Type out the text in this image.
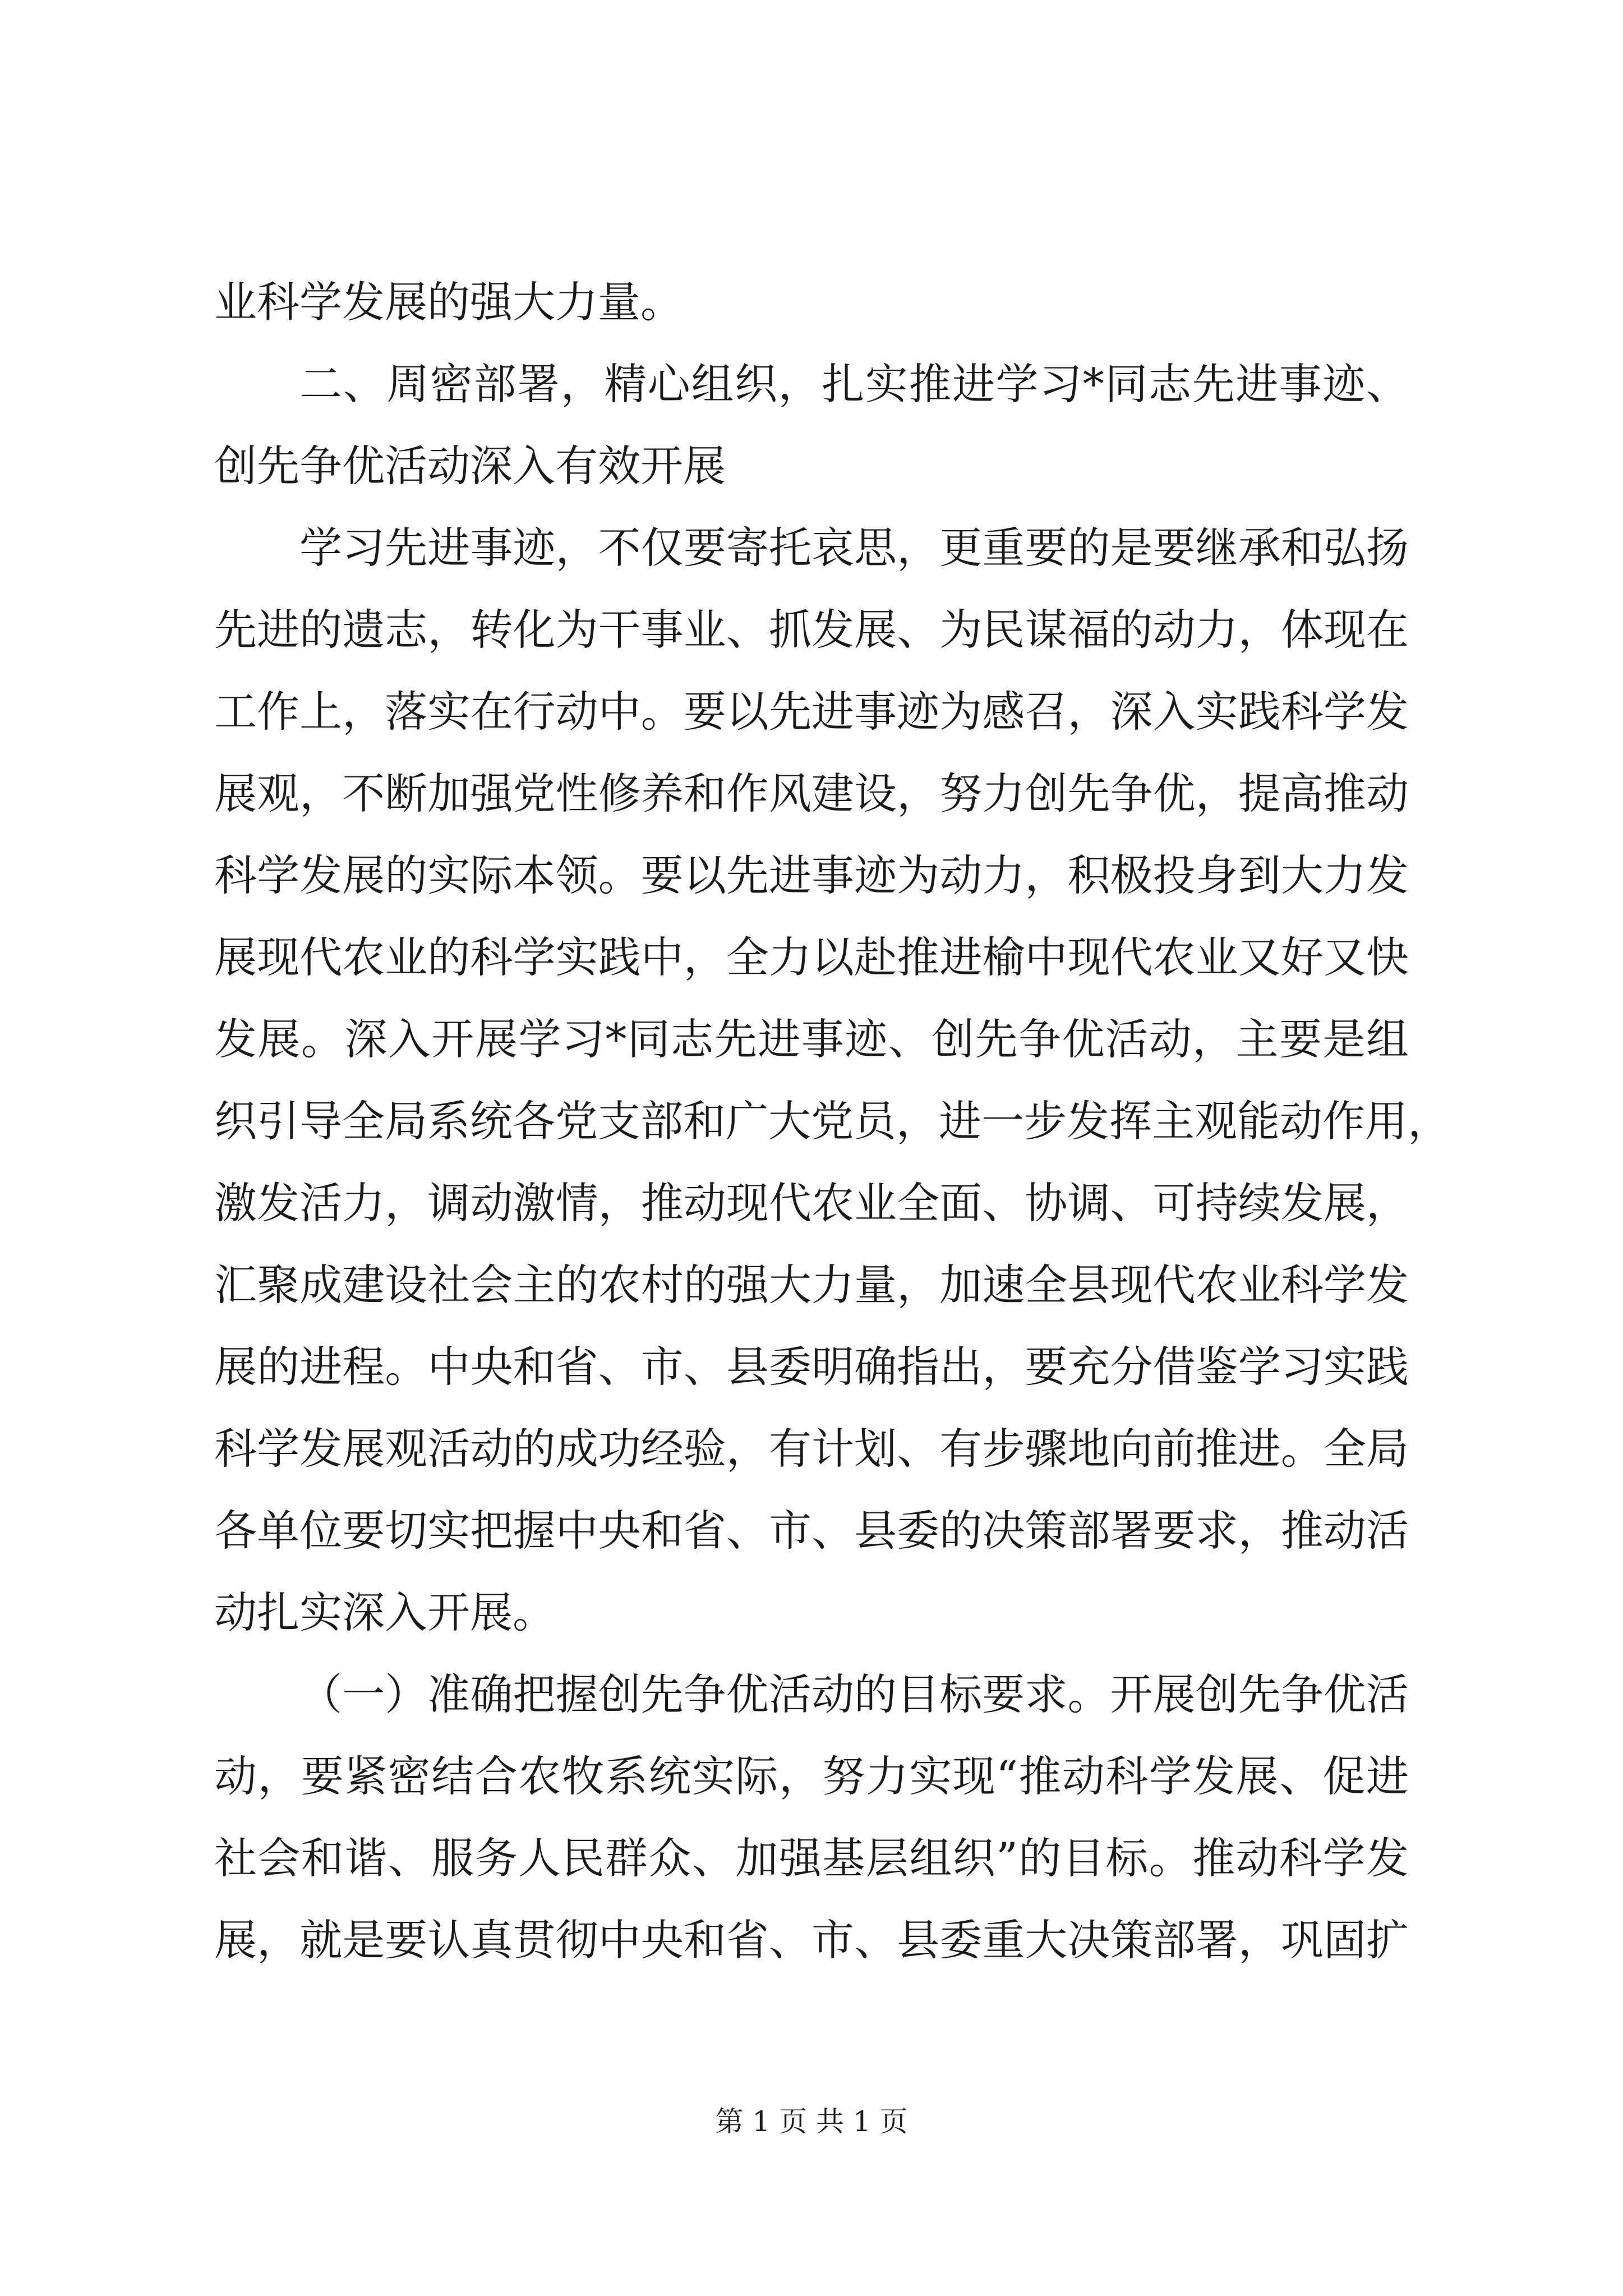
业科学发展的强大力量。
二、周密部署，精心组织，扎实推进学习*同志先进事迹、
创先争优活动深入有效开展
学习先进事迹，不仅要寄托哀思，更重要的是要继承和弘扬
先进的遗志，转化为干事业、抓发展、为民谋福的动力，体现在
工作上，落实在行动中。要以先进事迹为感召，深入实践科学发
展观，不断加强党性修养和作风建设，努力创先争优，提高推动
科学发展的实际本领。要以先进事迹为动力，积极投身到大力发
展现代农业的科学实践中，全力以赴推进榆中现代农业又好又快
发展。深入开展学习*同志先进事迹、创先争优活动，主要是组
织引导全局系统各党支部和广大党员，进一步发挥主观能动作用，
激发活力，调动激情，推动现代农业全面、协调、可持续发展，
汇聚成建设社会主的农村的强大力量，加速全县现代农业科学发
展的进程。中央和省、市、县委明确指出，要充分借鉴学习实践
科学发展观活动的成功经验，有计划、有步骤地向前推进。全局
各单位要切实把握中央和省、市、县委的决策部署要求，推动活
动扎实深入开展。
（一）准确把握创先争优活动的目标要求。开展创先争优活
动，要紧密结合农牧系统实际，努力实现“推动科学发展、促进
社会和谐、服务人民群众、加强基层组织”的目标。推动科学发
展，就是要认真贯彻中央和省、市、县委重大决策部署，巩固扩
第 1 页 共 1 页
